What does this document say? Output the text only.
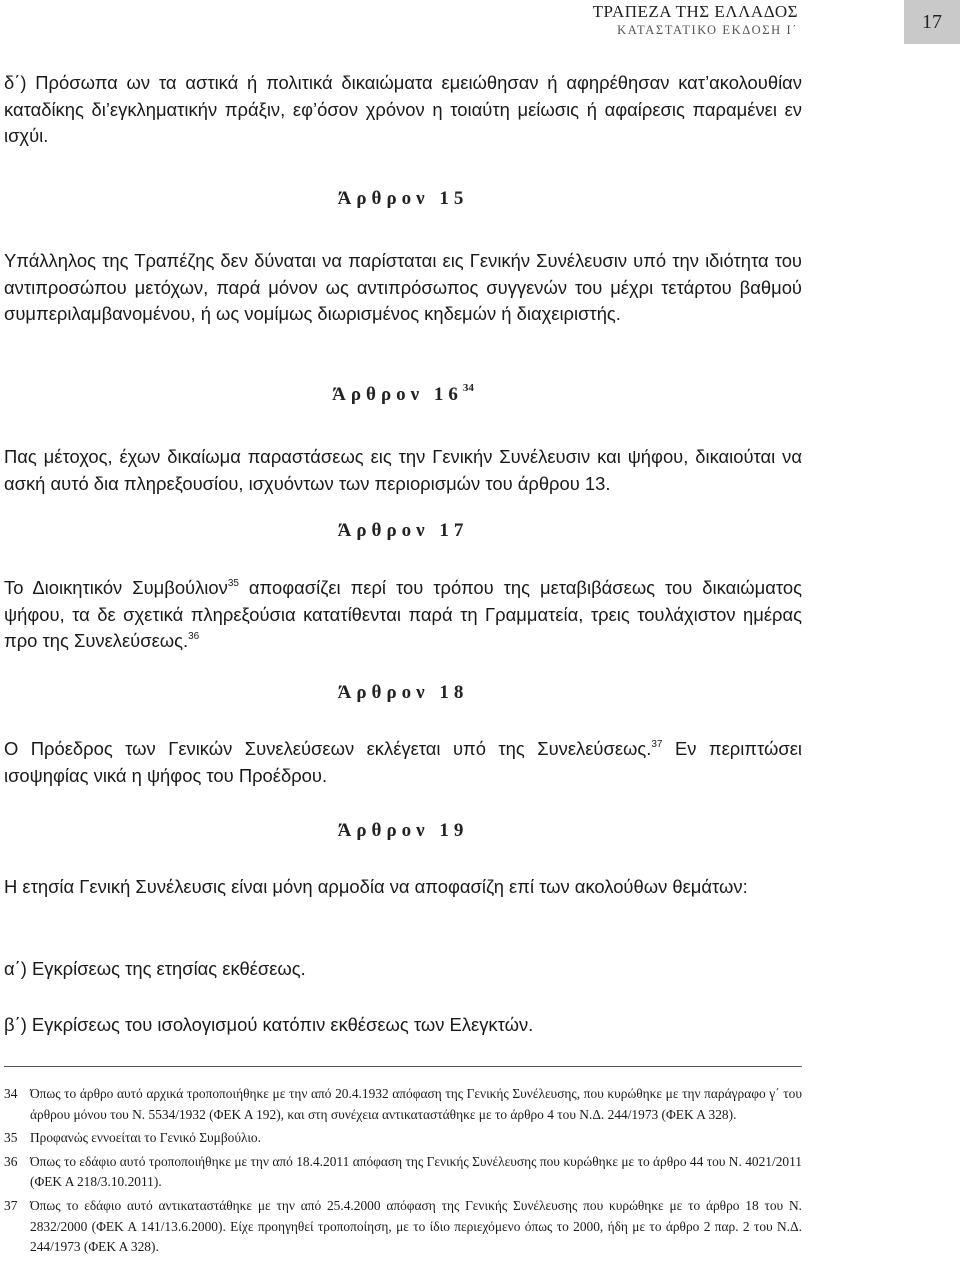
ΤΡΑΠΕΖΑ ΤΗΣ ΕΛΛΑΔΟΣ
ΚΑΤΑΣΤΑΤΙΚΟ ΕΚΔΟΣΗ Ι΄	17

δ΄) Πρόσωπα ων τα αστικά ή πολιτικά δικαιώματα εμειώθησαν ή αφηρέθησαν κατ’ακολουθίαν καταδίκης δι’εγκληματικήν πράξιν, εφ’όσον χρόνον η τοιαύτη μείωσις ή αφαίρεσις παραμένει εν ισχύι.

Άρθρον 15

Υπάλληλος της Τραπέζης δεν δύναται να παρίσταται εις Γενικήν Συνέλευσιν υπό την ιδιότητα του αντιπροσώπου μετόχων, παρά μόνον ως αντιπρόσωπος συγγενών του μέχρι τετάρτου βαθμού συμπεριλαμβανομένου, ή ως νομίμως διωρισμένος κηδεμών ή διαχειριστής.

Άρθρον $16^{34}$

Πας μέτοχος, έχων δικαίωμα παραστάσεως εις την Γενικήν Συνέλευσιν και ψήφου, δικαιούται να ασκή αυτό δια πληρεξουσίου, ισχυόντων των περιορισμών του άρθρου 13.

Άρθρον 17

Το Διοικητικόν Συμβούλιον$^{35}$ αποφασίζει περί του τρόπου της μεταβιβάσεως του δικαιώματος ψήφου, τα δε σχετικά πληρεξούσια κατατίθενται παρά τη Γραμματεία, τρεις τουλάχιστον ημέρας προ της Συνελεύσεως.$^{36}$

Άρθρον 18

Ο Πρόεδρος των Γενικών Συνελεύσεων εκλέγεται υπό της Συνελεύσεως.$^{37}$ Εν περιπτώσει ισοψηφίας νικά η ψήφος του Προέδρου.

Άρθρον 19

Η ετησία Γενική Συνέλευσις είναι μόνη αρμοδία να αποφασίζη επί των ακολούθων θεμάτων:

α΄) Εγκρίσεως της ετησίας εκθέσεως.

β΄) Εγκρίσεως του ισολογισμού κατόπιν εκθέσεως των Ελεγκτών.

34 Όπως το άρθρο αυτό αρχικά τροποποιήθηκε με την από 20.4.1932 απόφαση της Γενικής Συνέλευσης, που κυρώθηκε με την παράγραφο γ΄ του άρθρου μόνου του Ν. 5534/1932 (ΦΕΚ Α 192), και στη συνέχεια αντικαταστάθηκε με το άρθρο 4 του Ν.Δ. 244/1973 (ΦΕΚ Α 328).
35 Προφανώς εννοείται το Γενικό Συμβούλιο.
36 Όπως το εδάφιο αυτό τροποποιήθηκε με την από 18.4.2011 απόφαση της Γενικής Συνέλευσης που κυρώθηκε με το άρθρο 44 του Ν. 4021/2011 (ΦΕΚ Α 218/3.10.2011).
37 Όπως το εδάφιο αυτό αντικαταστάθηκε με την από 25.4.2000 απόφαση της Γενικής Συνέλευσης που κυρώθηκε με το άρθρο 18 του Ν. 2832/2000 (ΦΕΚ Α 141/13.6.2000). Είχε προηγηθεί τροποποίηση, με το ίδιο περιεχόμενο όπως το 2000, ήδη με το άρθρο 2 παρ. 2 του Ν.Δ. 244/1973 (ΦΕΚ Α 328).
